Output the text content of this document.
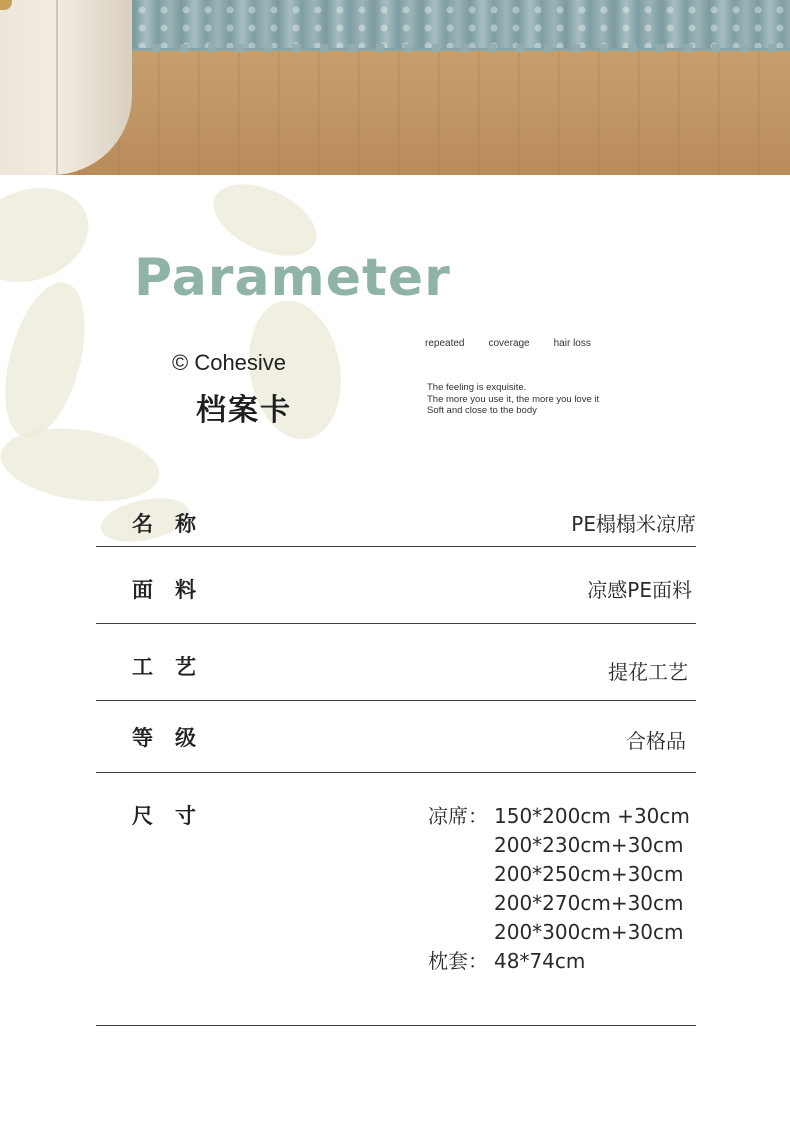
Parameter
© Cohesive
档案卡
repeated coverage hair loss
The feeling is exquisite.
The more you use it, the more you love it
Soft and close to the body
名称	PE榻榻米凉席
面料	凉感PE面料
工艺	提花工艺
等级	合格品
尺寸	凉席： 150*200cm +30cm
200*230cm+30cm
200*250cm+30cm
200*270cm+30cm
200*300cm+30cm
枕套： 48*74cm
